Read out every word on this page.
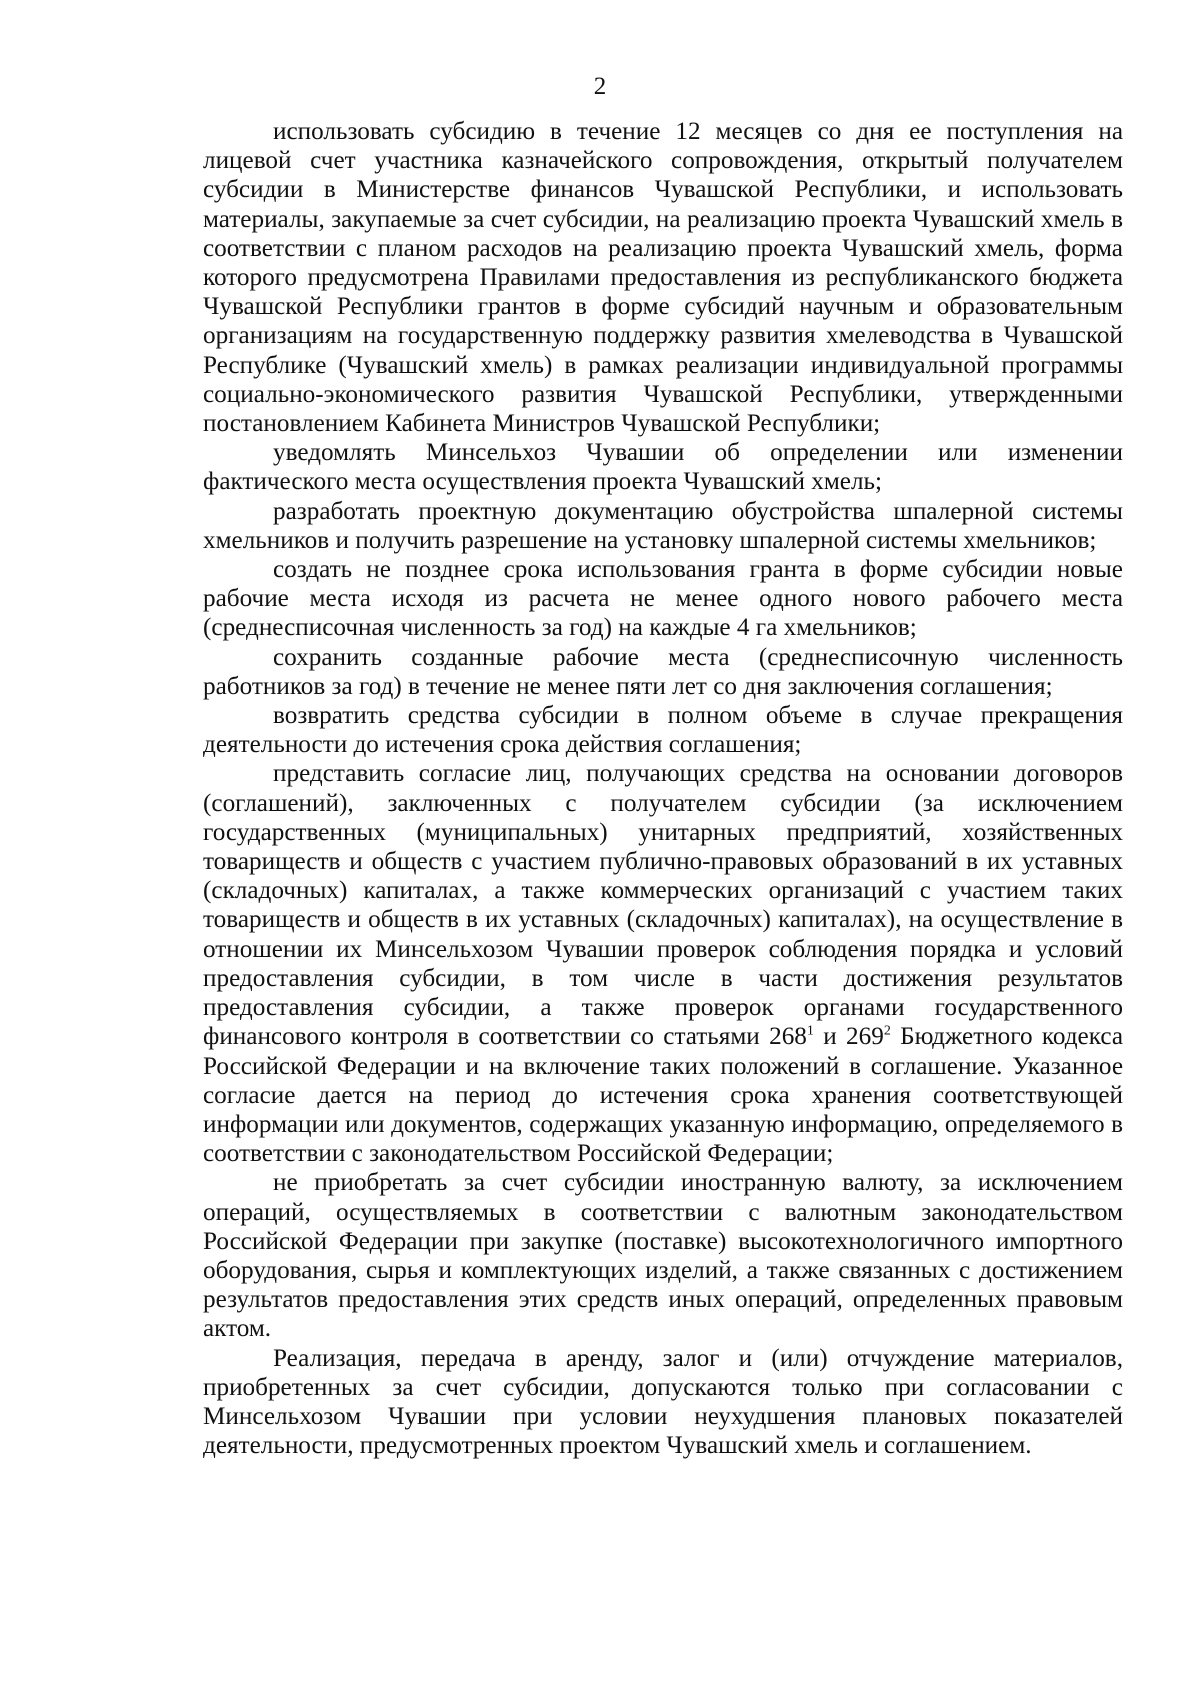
2

использовать субсидию в течение 12 месяцев со дня ее поступления на лицевой счет участника казначейского сопровождения, открытый получателем субсидии в Министерстве финансов Чувашской Республики, и использовать материалы, закупаемые за счет субсидии, на реализацию проекта Чувашский хмель в соответствии с планом расходов на реализацию проекта Чувашский хмель, форма которого предусмотрена Правилами предоставления из республиканского бюджета Чувашской Республики грантов в форме субсидий научным и образовательным организациям на государственную поддержку развития хмелеводства в Чувашской Республике (Чувашский хмель) в рамках реализации индивидуальной программы социально-экономического развития Чувашской Республики, утвержденными постановлением Кабинета Министров Чувашской Республики;

уведомлять Минсельхоз Чувашии об определении или изменении фактического места осуществления проекта Чувашский хмель;

разработать проектную документацию обустройства шпалерной системы хмельников и получить разрешение на установку шпалерной системы хмельников;

создать не позднее срока использования гранта в форме субсидии новые рабочие места исходя из расчета не менее одного нового рабочего места (среднесписочная численность за год) на каждые 4 га хмельников;

сохранить созданные рабочие места (среднесписочную численность работников за год) в течение не менее пяти лет со дня заключения соглашения;

возвратить средства субсидии в полном объеме в случае прекращения деятельности до истечения срока действия соглашения;

представить согласие лиц, получающих средства на основании договоров (соглашений), заключенных с получателем субсидии (за исключением государственных (муниципальных) унитарных предприятий, хозяйственных товариществ и обществ с участием публично-правовых образований в их уставных (складочных) капиталах, а также коммерческих организаций с участием таких товариществ и обществ в их уставных (складочных) капиталах), на осуществление в отношении их Минсельхозом Чувашии проверок соблюдения порядка и условий предоставления субсидии, в том числе в части достижения результатов предоставления субсидии, а также проверок органами государственного финансового контроля в соответствии со статьями $268^1$ и $269^2$ Бюджетного кодекса Российской Федерации и на включение таких положений в соглашение. Указанное согласие дается на период до истечения срока хранения соответствующей информации или документов, содержащих указанную информацию, определяемого в соответствии с законодательством Российской Федерации;

не приобретать за счет субсидии иностранную валюту, за исключением операций, осуществляемых в соответствии с валютным законодательством Российской Федерации при закупке (поставке) высокотехнологичного импортного оборудования, сырья и комплектующих изделий, а также связанных с достижением результатов предоставления этих средств иных операций, определенных правовым актом.

Реализация, передача в аренду, залог и (или) отчуждение материалов, приобретенных за счет субсидии, допускаются только при согласовании с Минсельхозом Чувашии при условии неухудшения плановых показателей деятельности, предусмотренных проектом Чувашский хмель и соглашением.
